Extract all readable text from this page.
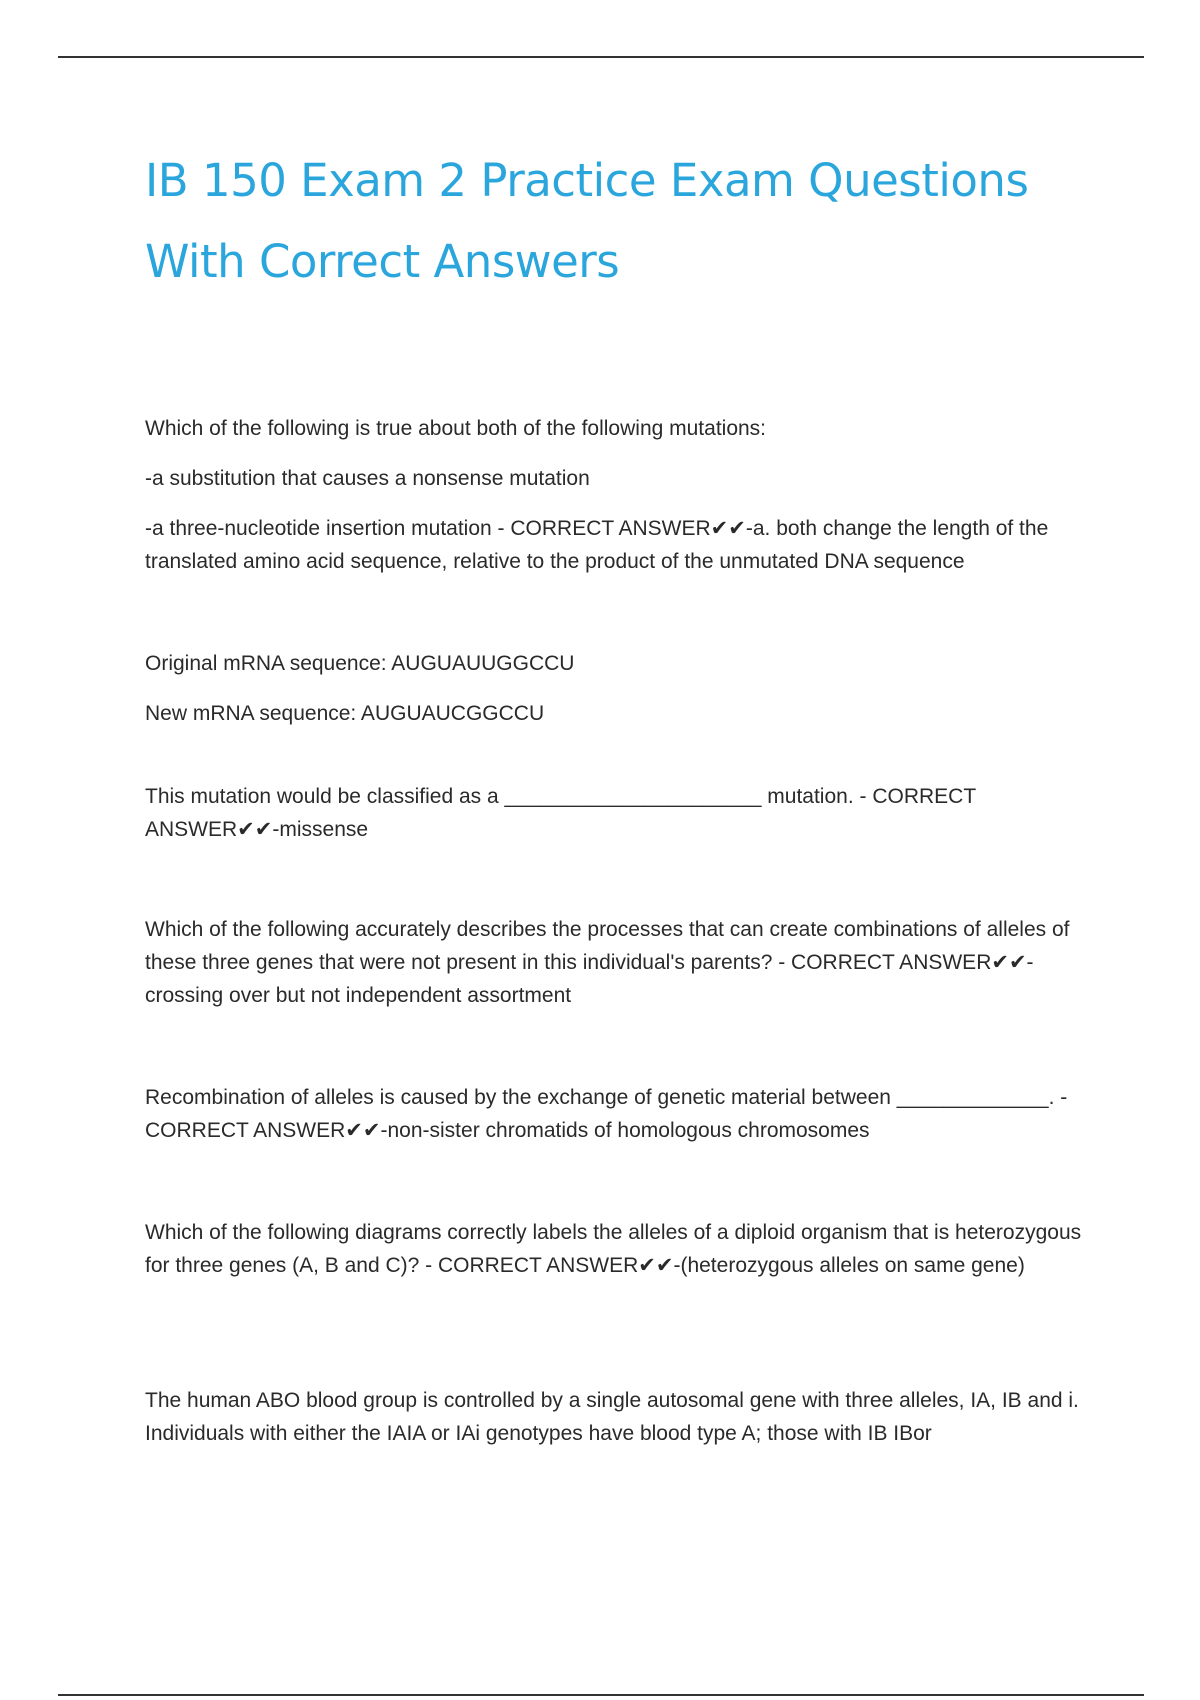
IB 150 Exam 2 Practice Exam Questions
With Correct Answers

Which of the following is true about both of the following mutations:

-a substitution that causes a nonsense mutation

-a three-nucleotide insertion mutation - CORRECT ANSWER✔✔-a. both change the length of the translated amino acid sequence, relative to the product of the unmutated DNA sequence

Original mRNA sequence: AUGUAUUGGCCU

New mRNA sequence: AUGUAUCGGCCU

This mutation would be classified as a ______________________ mutation. - CORRECT ANSWER✔✔-missense

Which of the following accurately describes the processes that can create combinations of alleles of these three genes that were not present in this individual's parents? - CORRECT ANSWER✔✔-crossing over but not independent assortment

Recombination of alleles is caused by the exchange of genetic material between _____________. - CORRECT ANSWER✔✔-non-sister chromatids of homologous chromosomes

Which of the following diagrams correctly labels the alleles of a diploid organism that is heterozygous for three genes (A, B and C)? - CORRECT ANSWER✔✔-(heterozygous alleles on same gene)

The human ABO blood group is controlled by a single autosomal gene with three alleles, IA, IB and i. Individuals with either the IAIA or IAi genotypes have blood type A; those with IB IBor
